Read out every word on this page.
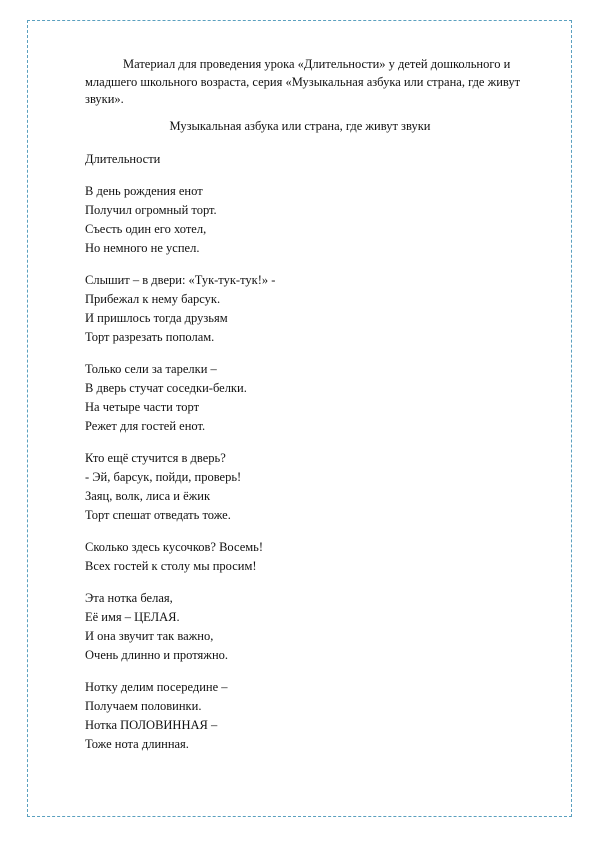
Материал для проведения урока «Длительности» у детей дошкольного и младшего школьного возраста, серия «Музыкальная азбука или страна, где живут звуки».

Музыкальная азбука или страна, где живут звуки

Длительности

В день рождения енот
Получил огромный торт.
Съесть один его хотел,
Но немного не успел.
Слышит – в двери: «Тук-тук-тук!» -
Прибежал к нему барсук.
И пришлось тогда друзьям
Торт разрезать пополам.
Только сели за тарелки –
В дверь стучат соседки-белки.
На четыре части торт
Режет для гостей енот.
Кто ещё стучится в дверь?
- Эй, барсук, пойди, проверь!
Заяц, волк, лиса и ёжик
Торт спешат отведать тоже.
Сколько здесь кусочков? Восемь!
Всех гостей к столу мы просим!
Эта нотка белая,
Её имя – ЦЕЛАЯ.
И она звучит так важно,
Очень длинно и протяжно.
Нотку делим посередине –
Получаем половинки.
Нотка ПОЛОВИННАЯ –
Тоже нота длинная.
